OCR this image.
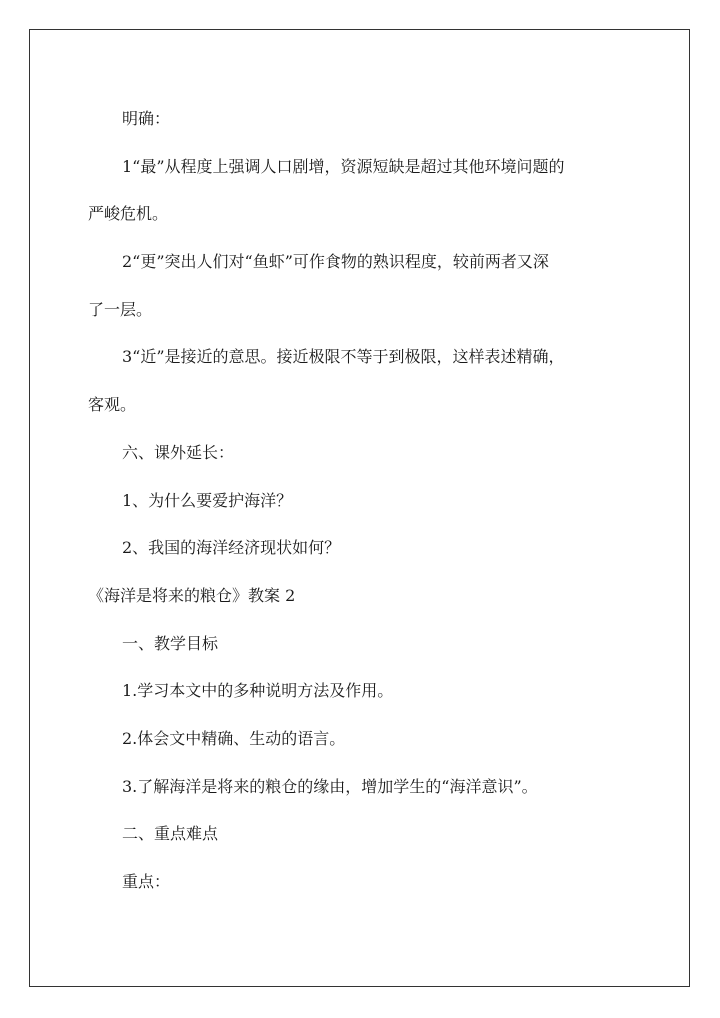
明确：

1“最”从程度上强调人口剧增，资源短缺是超过其他环境问题的

严峻危机。

2“更”突出人们对“鱼虾”可作食物的熟识程度，较前两者又深

了一层。

3“近”是接近的意思。接近极限不等于到极限，这样表述精确，

客观。

六、课外延长：

1、为什么要爱护海洋？

2、我国的海洋经济现状如何？

《海洋是将来的粮仓》教案 2

一、教学目标

1.学习本文中的多种说明方法及作用。

2.体会文中精确、生动的语言。

3.了解海洋是将来的粮仓的缘由，增加学生的“海洋意识”。

二、重点难点

重点：
